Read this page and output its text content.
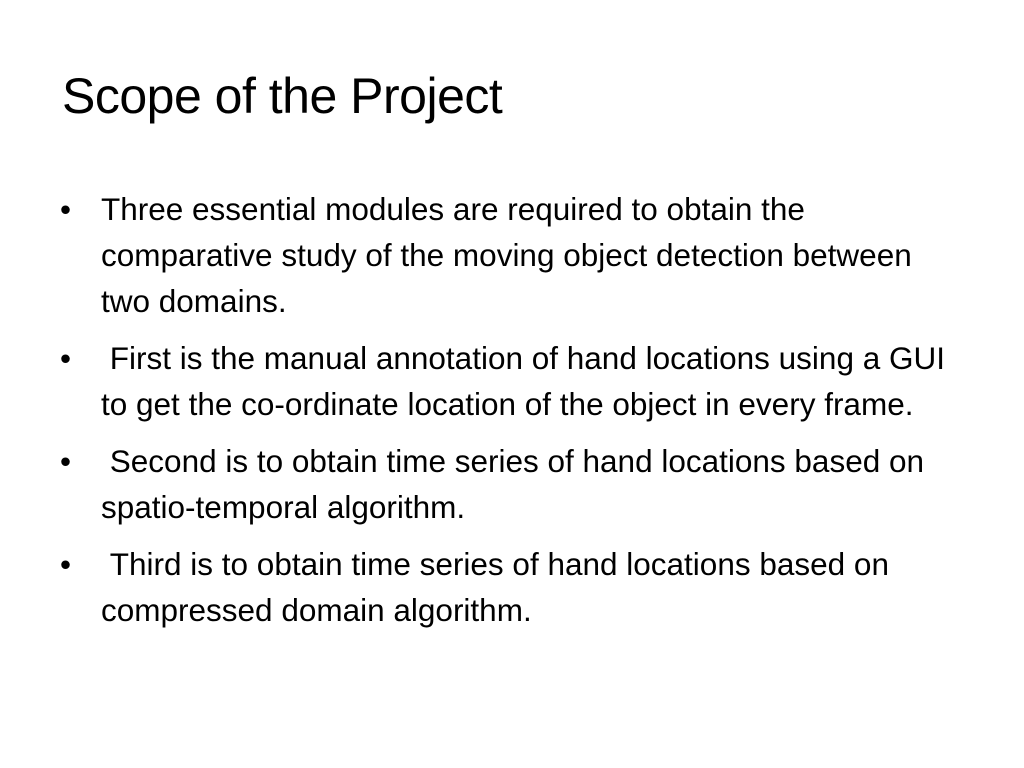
Scope of the Project
• Three essential modules are required to obtain the comparative study of the moving object detection between two domains.
• First is the manual annotation of hand locations using a GUI to get the co-ordinate location of the object in every frame.
• Second is to obtain time series of hand locations based on spatio-temporal algorithm.
• Third is to obtain time series of hand locations based on compressed domain algorithm.
